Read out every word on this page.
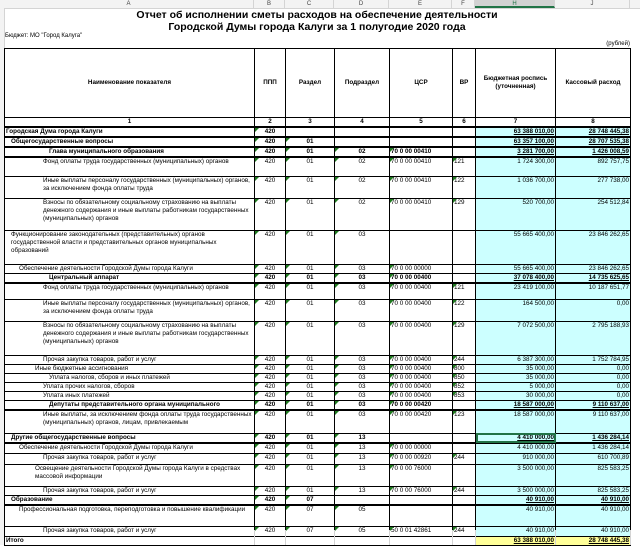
A	B	C	D	E	F	H	J
Отчет об исполнении сметы расходов на обеспечение деятельности
Городской Думы города Калуги за 1 полугодие 2020 года
Бюджет: МО "Город Калуга"
(рублей)
Наименование показателя	ППП	Раздел	Подраздел	ЦСР	ВР	Бюджетная роспись (уточненная)	Кассовый расход
1	2	3	4	5	6	7	8
Городская Дума города Калуги	420					63 388 010,00	28 748 445,38
Общегосударственные вопросы	420	01				63 357 100,00	28 707 535,38
Глава муниципального образования	420	01	02	70 0 00 00410		3 281 700,00	1 426 008,59
Фонд оплаты труда государственных (муниципальных) органов	420	01	02	70 0 00 00410	121	1 724 300,00	892 757,75
Иные выплаты персоналу государственных (муниципальных) органов, за исключением фонда оплаты труда	420	01	02	70 0 00 00410	122	1 036 700,00	277 738,00
Взносы по обязательному социальному страхованию на выплаты денежного содержания и иные выплаты работникам государственных (муниципальных) органов	420	01	02	70 0 00 00410	129	520 700,00	254 512,84
Функционирование законодательных (представительных) органов государственной власти и представительных органов муниципальных образований	420	01	03			55 665 400,00	23 846 262,65
Обеспечение деятельности Городской Думы города Калуги	420	01	03	70 0 00 00000		55 665 400,00	23 846 262,65
Центральный аппарат	420	01	03	70 0 00 00400		37 078 400,00	14 735 625,65
Фонд оплаты труда государственных (муниципальных) органов	420	01	03	70 0 00 00400	121	23 419 100,00	10 187 651,77
Иные выплаты персоналу государственных (муниципальных) органов, за исключением фонда оплаты труда	420	01	03	70 0 00 00400	122	164 500,00	0,00
Взносы по обязательному социальному страхованию на выплаты денежного содержания и иные выплаты работникам государственных (муниципальных) органов	420	01	03	70 0 00 00400	129	7 072 500,00	2 795 188,93
Прочая закупка товаров, работ и услуг	420	01	03	70 0 00 00400	244	6 387 300,00	1 752 784,95
Иные бюджетные ассигнования	420	01	03	70 0 00 00400	800	35 000,00	0,00
Уплата налогов, сборов и иных платежей	420	01	03	70 0 00 00400	850	35 000,00	0,00
Уплата прочих налогов, сборов	420	01	03	70 0 00 00400	852	5 000,00	0,00
Уплата иных платежей	420	01	03	70 0 00 00400	853	30 000,00	0,00
Депутаты представительного органа муниципального	420	01	03	70 0 00 00420		18 587 000,00	9 110 637,00
Иные выплаты, за исключением фонда оплаты труда государственных (муниципальных) органов, лицам, привлекаемым	420	01	03	70 0 00 00420	123	18 587 000,00	9 110 637,00
Другие общегосударственные вопросы	420	01	13			4 410 000,00	1 436 284,14
Обеспечение деятельности Городской Думы города Калуги	420	01	13	70 0 00 00000		4 410 000,00	1 436 284,14
Прочая закупка товаров, работ и услуг	420	01	13	70 0 00 00920	244	910 000,00	610 700,89
Освещение деятельности Городской Думы города Калуги в средствах массовой информации	420	01	13	70 0 00 76000		3 500 000,00	825 583,25
Прочая закупка товаров, работ и услуг	420	01	13	70 0 00 76000	244	3 500 000,00	825 583,25
Образование	420	07				40 910,00	40 910,00
Профессиональная подготовка, переподготовка и повышение квалификации	420	07	05			40 910,00	40 910,00
Прочая закупка товаров, работ и услуг	420	07	05	50 0 01 42861	244	40 910,00	40 910,00
Итого						63 388 010,00	28 748 445,38
